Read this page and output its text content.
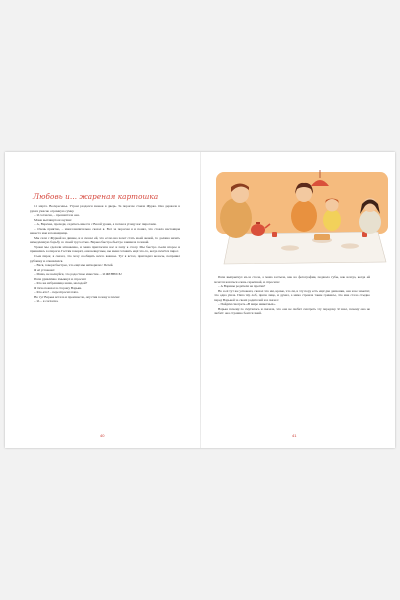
Любовь и… жареная картошка

11 марта. Воскресенье. Утром раздался звонок в дверь. За порогом стояла Журка. Она держала в руках ужасно огромную сумку.

– Я согласна, – прошептала она.

Мама выглянула из кухни:

– А, Варечка, проходи, садитесь вместе с Васей уроки, а потом я угощу вас пирогами.

– Очень приятно, – многозначительно сказал я. Вот за порогом я и понял, что стояла настоящая невеста моя и помощница.

Мы сели с Журкой на диване, и я сказал ей, что если она хочет стать моей женой, то должна начать немедленную борьбу со своей трусостью. Варька быстро-быстро закивала головой.

Уроки мы сделали мгновенно, и мама пригласила нас и папу к столу. Мы быстро съели второе и принялись за пироги. Гостям говорят, они невкусные, вы меня готовить ещё что-то, когда печётся пирог.

Съев пирог, я сказал, что хочу сообщить нечто важное. Тут я встал, пригладил волосы, поправил рубашку и откашлялся.

– Вася, говори быстрее, что ещё мы натворили с Петей.

Я её успокоил:

– Мама, не волнуйся, это радостное известие… Я ЖЕНЮСЬ!

Папа удивлённо хмыкнул и спросил:

– Кто же избранница наша, молодой?

Я тихо показал в сторону Варьки.

– Кто-кто? – переспросил папа.

Но тут Варька встала и произнесла, опустив голову в плечи:

– Я… я согласна.

40

Папа выпрыгнул из-за стола, а мама застыла, как на фотографии, поджала губы, как всегда, когда ей хочется казаться очень серьёзной, и спросила:

– А Варины родители не против?

Но я её тут же успокоил, сказал что им, кроме, что ли, в эту пору есть ещё две девчонки, она и не заметят, что одна ушла. Папа тёр лоб, пряча лицо, и думал, а мама строила такие гримасы, что мне стало стыдно перед Варькой за своих родителей и я сказал:

– Пойдём смотреть «В мире животных».

Варька почему-то смутилась и сказала, что она не любит смотреть эту передачу. Я знал, почему она не любит: она страшно боится змей.

41
